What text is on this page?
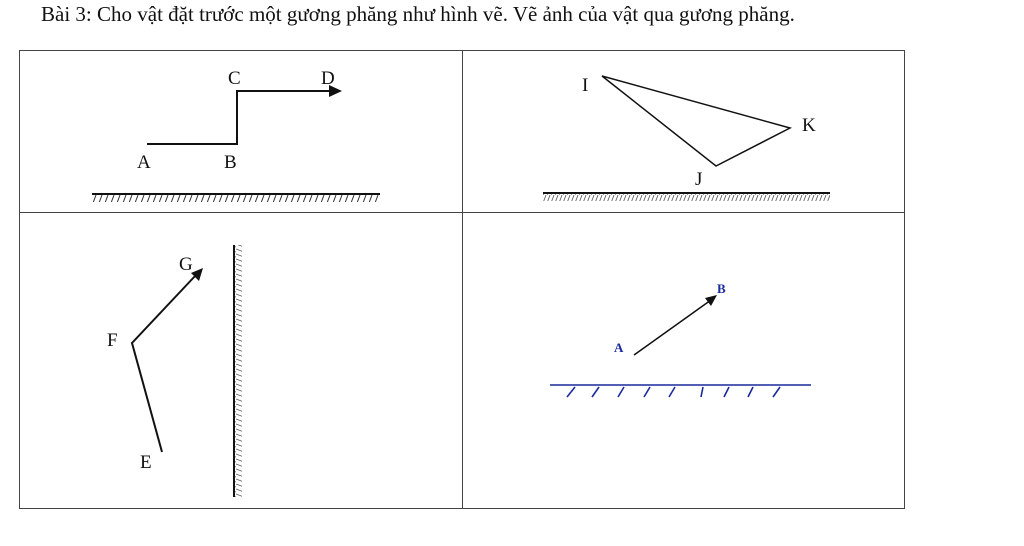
Bài 3: Cho vật đặt trước một gương phăng như hình vẽ. Vẽ ảnh của vật qua gương phăng.
A	B
C	D	I
K
J
E
F
G
A
B
